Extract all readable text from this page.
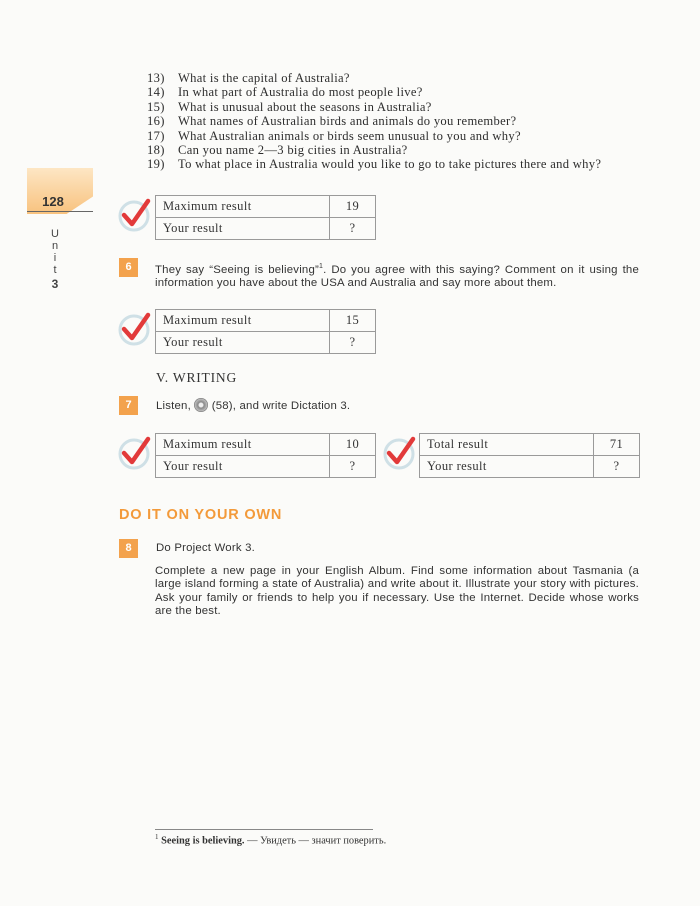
13)	What is the capital of Australia?
14)	In what part of Australia do most people live?
15)	What is unusual about the seasons in Australia?
16)	What names of Australian birds and animals do you remember?
17)	What Australian animals or birds seem unusual to you and why?
18)	Can you name 2—3 big cities in Australia?
19)	To what place in Australia would you like to go to take pictures there and why?
128
U
n
i
t
3
Maximum result	19
Your result	?
6	They say “Seeing is believing”$^1$. Do you agree with this saying? Comment on it using the information you have about the USA and Australia and say more about them.
Maximum result	15
Your result	?
V. WRITING
7	Listen, (58), and write Dictation 3.
Maximum result	10
Your result	?
Total result	71
Your result	?
DO IT ON YOUR OWN
8	Do Project Work 3.
Complete a new page in your English Album. Find some information about Tasmania (a large island forming a state of Australia) and write about it. Illustrate your story with pictures. Ask your family or friends to help you if necessary. Use the Internet. Decide whose works are the best.
$^1$ Seeing is believing. — Увидеть — значит поверить.
